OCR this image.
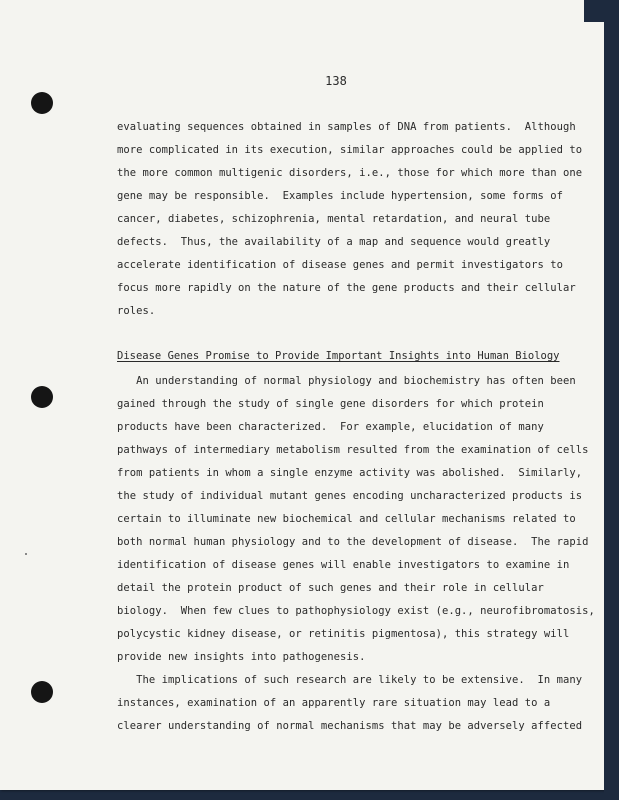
138
evaluating sequences obtained in samples of DNA from patients.  Although
more complicated in its execution, similar approaches could be applied to
the more common multigenic disorders, i.e., those for which more than one
gene may be responsible.  Examples include hypertension, some forms of
cancer, diabetes, schizophrenia, mental retardation, and neural tube
defects.  Thus, the availability of a map and sequence would greatly
accelerate identification of disease genes and permit investigators to
focus more rapidly on the nature of the gene products and their cellular
roles.
Disease Genes Promise to Provide Important Insights into Human Biology
An understanding of normal physiology and biochemistry has often been
gained through the study of single gene disorders for which protein
products have been characterized.  For example, elucidation of many
pathways of intermediary metabolism resulted from the examination of cells
from patients in whom a single enzyme activity was abolished.  Similarly,
the study of individual mutant genes encoding uncharacterized products is
certain to illuminate new biochemical and cellular mechanisms related to
both normal human physiology and to the development of disease.  The rapid
identification of disease genes will enable investigators to examine in
detail the protein product of such genes and their role in cellular
biology.  When few clues to pathophysiology exist (e.g., neurofibromatosis,
polycystic kidney disease, or retinitis pigmentosa), this strategy will
provide new insights into pathogenesis.
The implications of such research are likely to be extensive.  In many
instances, examination of an apparently rare situation may lead to a
clearer understanding of normal mechanisms that may be adversely affected
